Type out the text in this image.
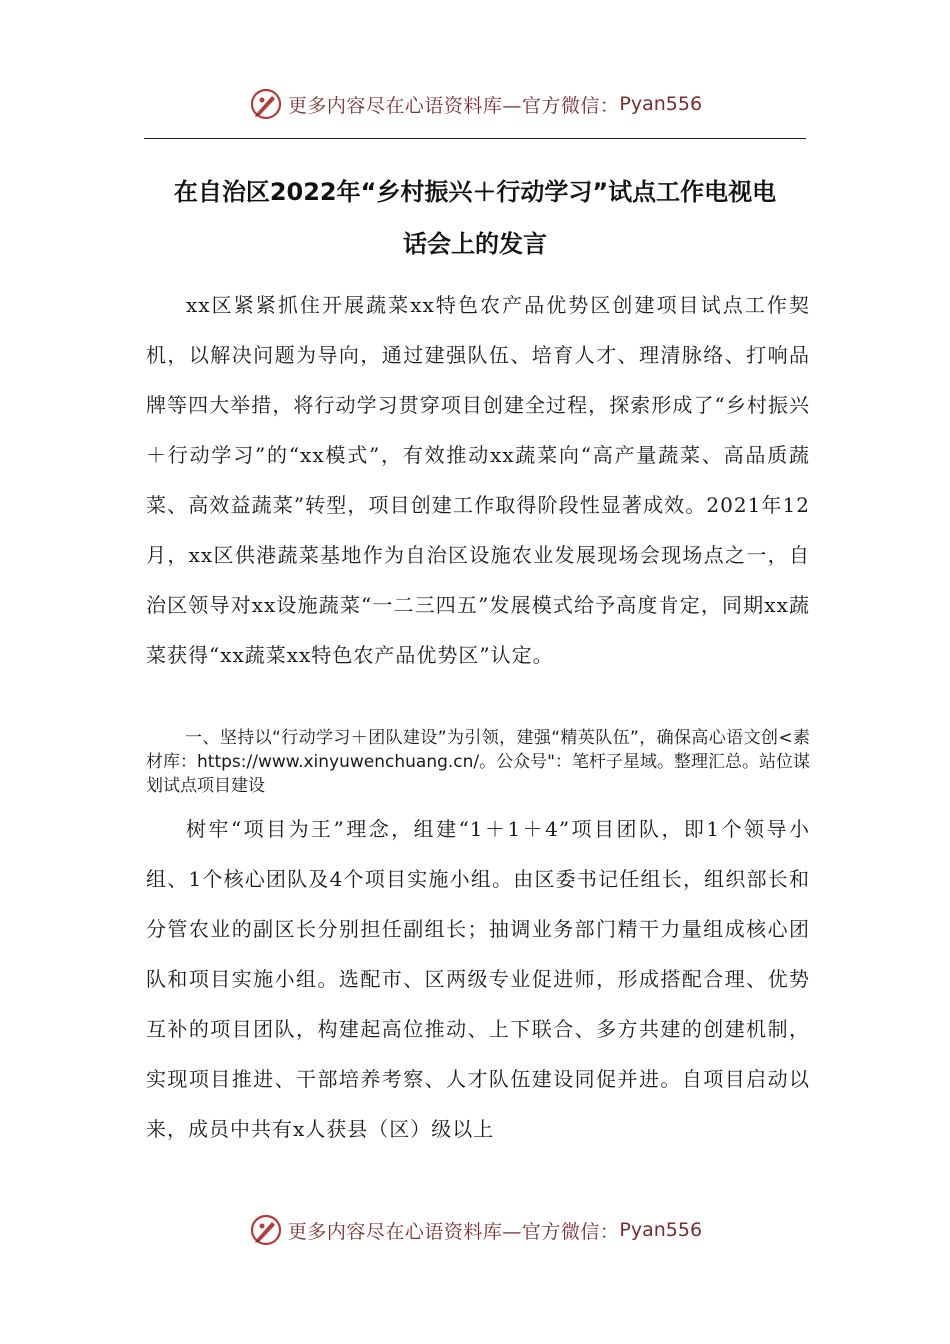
更多内容尽在心语资料库—官方微信： Pyan556
在自治区2022年“乡村振兴＋行动学习”试点工作电视电
话会上的发言
xx区紧紧抓住开展蔬菜xx特色农产品优势区创建项目试点工作契机，以解决问题为导向，通过建强队伍、培育人才、理清脉络、打响品牌等四大举措，将行动学习贯穿项目创建全过程，探索形成了“乡村振兴＋行动学习”的“xx模式”，有效推动xx蔬菜向“高产量蔬菜、高品质蔬菜、高效益蔬菜”转型，项目创建工作取得阶段性显著成效。2021年12月，xx区供港蔬菜基地作为自治区设施农业发展现场会现场点之一，自治区领导对xx设施蔬菜“一二三四五”发展模式给予高度肯定，同期xx蔬菜获得“xx蔬菜xx特色农产品优势区”认定。
一、坚持以“行动学习＋团队建设”为引领，建强“精英队伍”，确保高心语文创<素材库：https://www.xinyuwenchuang.cn/。公众号"：笔杆子星域。整理汇总。站位谋划试点项目建设
树牢“项目为王”理念，组建“1＋1＋4”项目团队，即1个领导小组、1个核心团队及4个项目实施小组。由区委书记任组长，组织部长和分管农业的副区长分别担任副组长；抽调业务部门精干力量组成核心团队和项目实施小组。选配市、区两级专业促进师，形成搭配合理、优势互补的项目团队，构建起高位推动、上下联合、多方共建的创建机制，实现项目推进、干部培养考察、人才队伍建设同促并进。自项目启动以来，成员中共有x人获县（区）级以上
更多内容尽在心语资料库—官方微信： Pyan556
